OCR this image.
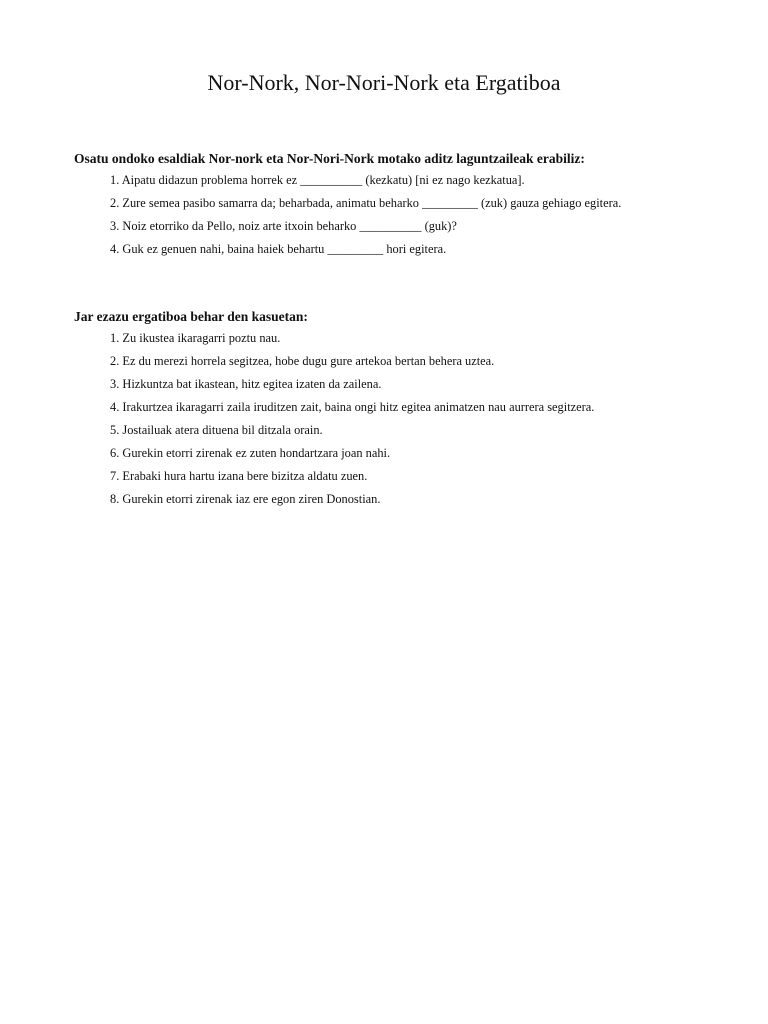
Nor-Nork, Nor-Nori-Nork eta Ergatiboa

Osatu ondoko esaldiak Nor-nork eta Nor-Nori-Nork motako aditz laguntzaileak erabiliz:

1. Aipatu didazun problema horrek ez __________ (kezkatu) [ni ez nago kezkatua].
2. Zure semea pasibo samarra da; beharbada, animatu beharko _________ (zuk) gauza gehiago egitera.
3. Noiz etorriko da Pello, noiz arte itxoin beharko __________ (guk)?
4. Guk ez genuen nahi, baina haiek behartu _________ hori egitera.

Jar ezazu ergatiboa behar den kasuetan:

1. Zu ikustea ikaragarri poztu nau.
2. Ez du merezi horrela segitzea, hobe dugu gure artekoa bertan behera uztea.
3. Hizkuntza bat ikastean, hitz egitea izaten da zailena.
4. Irakurtzea ikaragarri zaila iruditzen zait, baina ongi hitz egitea animatzen nau aurrera segitzera.
5. Jostailuak atera dituena bil ditzala orain.
6. Gurekin etorri zirenak ez zuten hondartzara joan nahi.
7. Erabaki hura hartu izana bere bizitza aldatu zuen.
8. Gurekin etorri zirenak iaz ere egon ziren Donostian.
